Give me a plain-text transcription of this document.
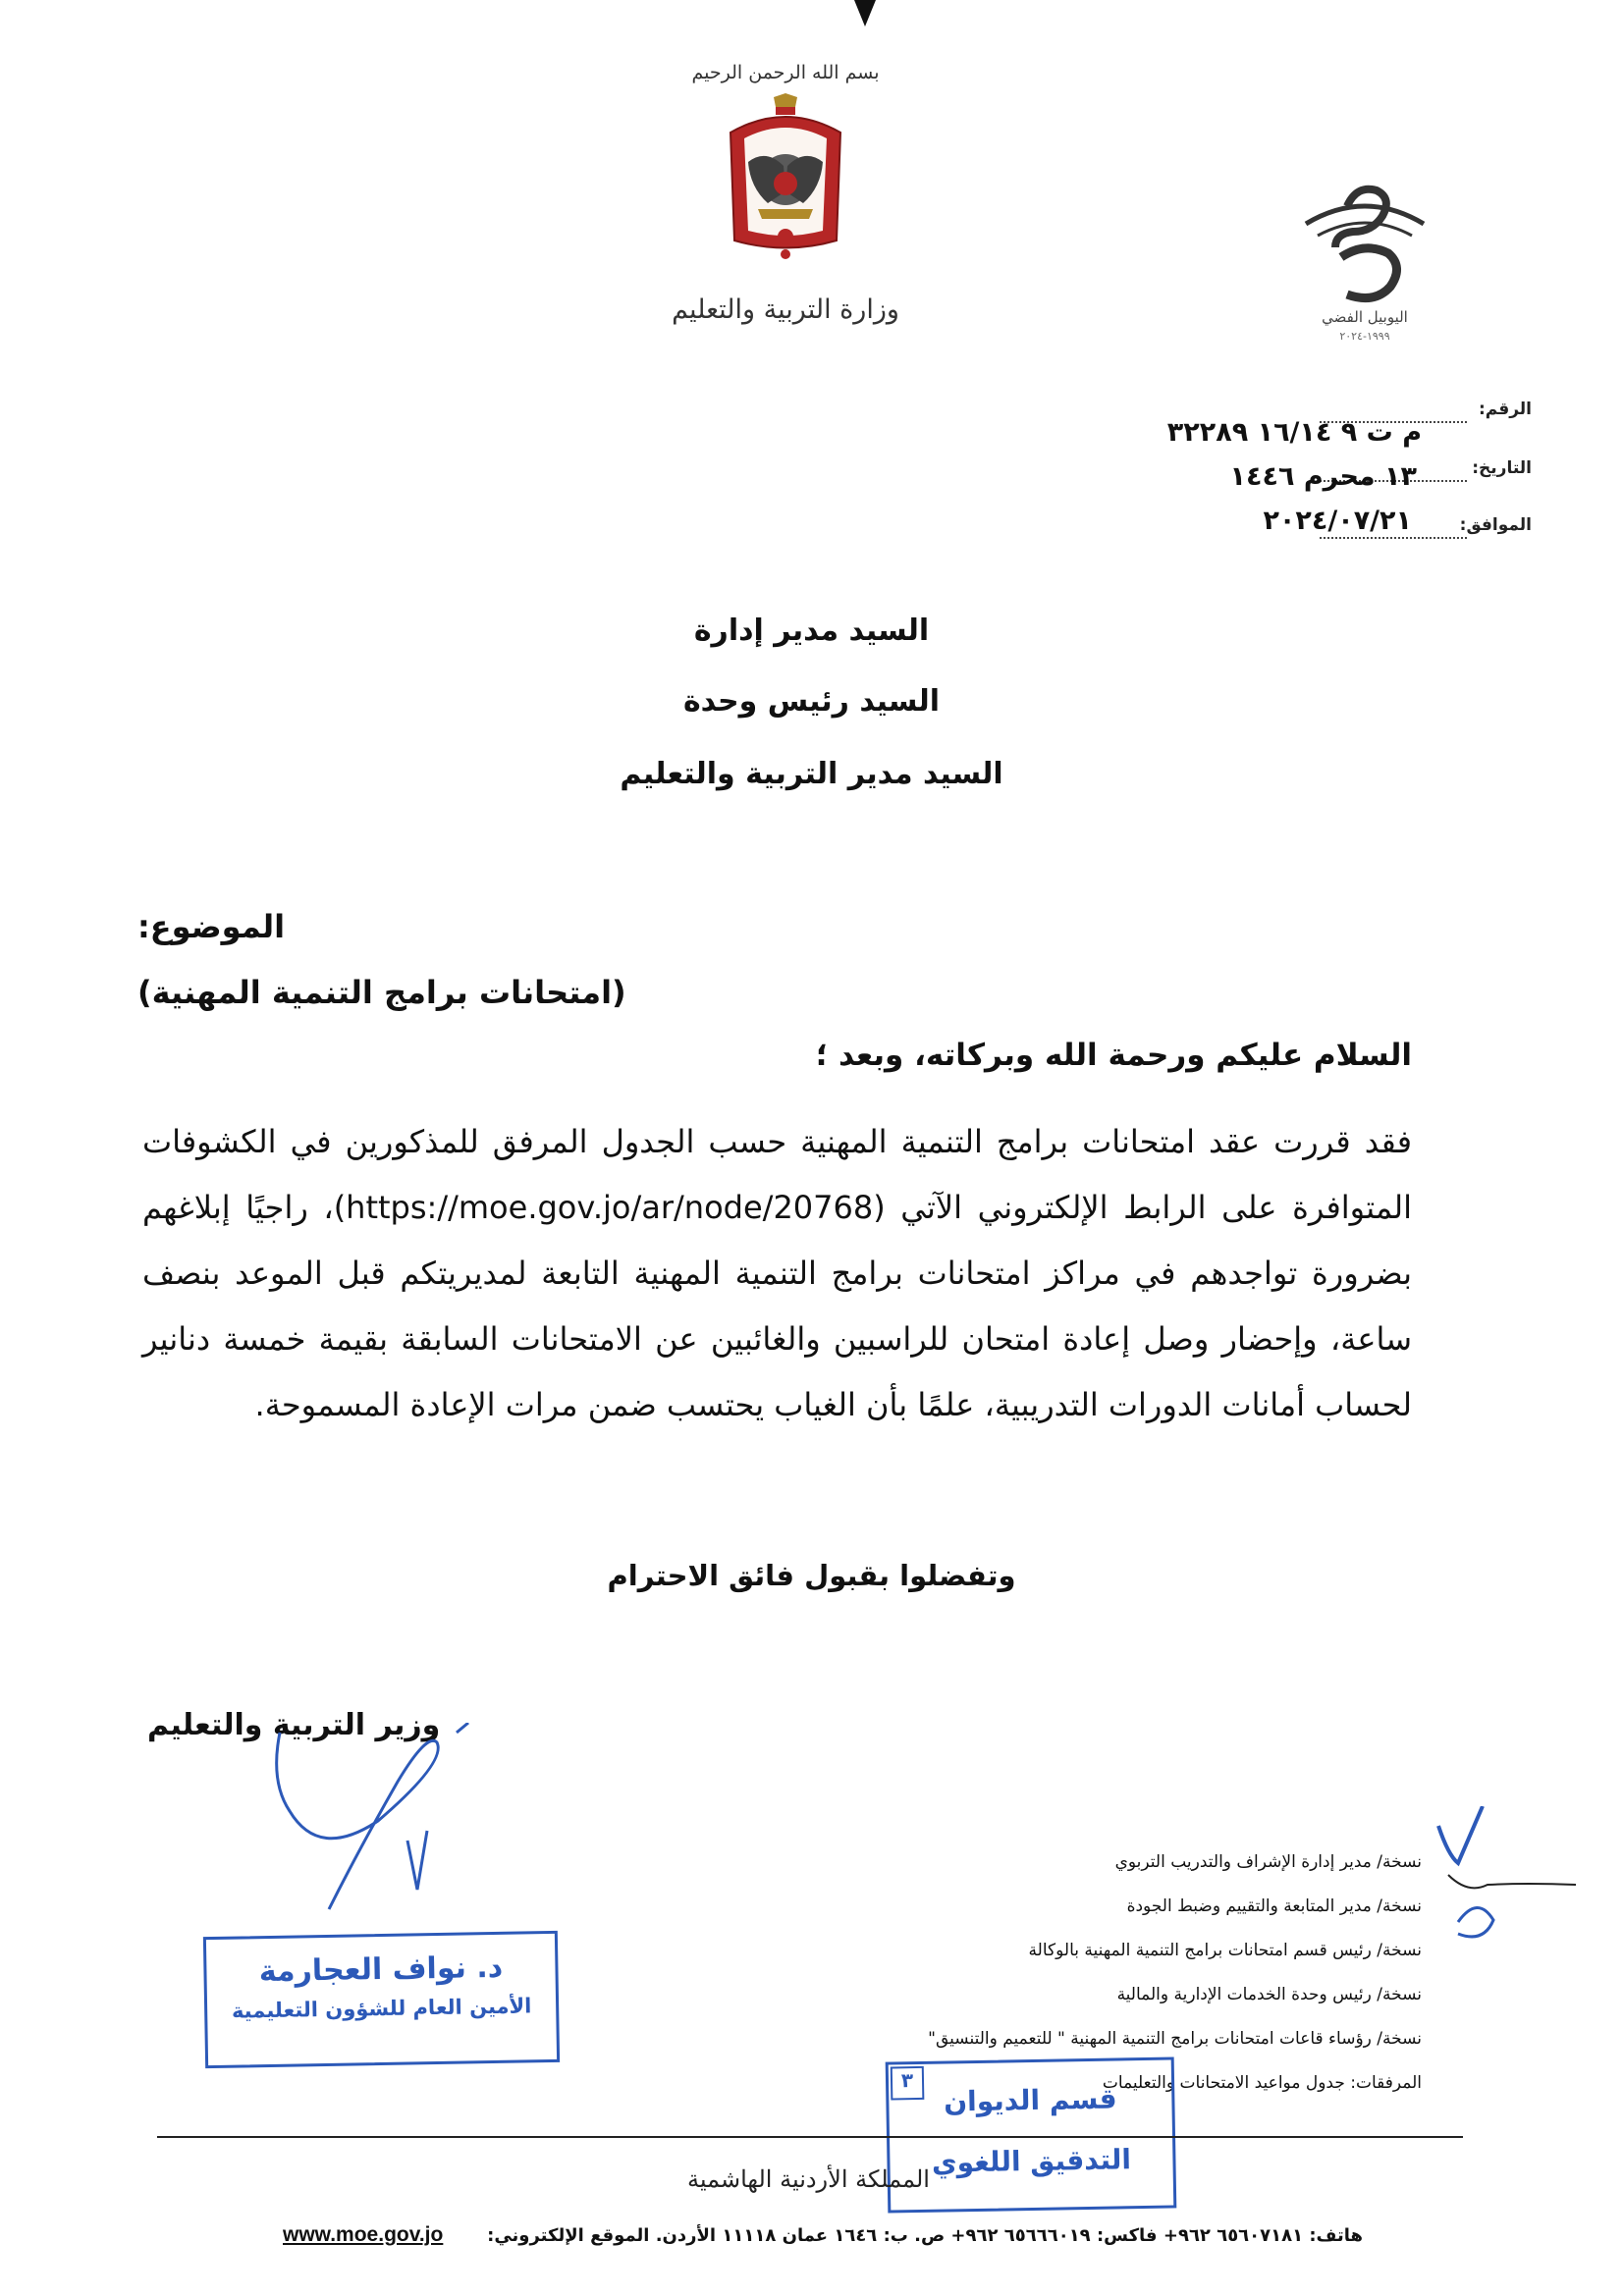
بسم الله الرحمن الرحيم
وزارة التربية والتعليم	اليوبيل الفضي
١٩٩٩-٢٠٢٤
الرقم:
التاريخ:
الموافق:
م ت ٩ ١٦/١٤ ٣٢٢٨٩
١٣ محرم ١٤٤٦
٢٠٢٤/٠٧/٢١
السيد مدير إدارة
السيد رئيس وحدة
السيد مدير التربية والتعليم
الموضوع:
(امتحانات برامج التنمية المهنية)
السلام عليكم ورحمة الله وبركاته، وبعد ؛
فقد قررت عقد امتحانات برامج التنمية المهنية حسب الجدول المرفق للمذكورين في الكشوفات المتوافرة على الرابط الإلكتروني الآتي (https://moe.gov.jo/ar/node/20768)، راجيًا إبلاغهم بضرورة تواجدهم في مراكز امتحانات برامج التنمية المهنية التابعة لمديريتكم قبل الموعد بنصف ساعة، وإحضار وصل إعادة امتحان للراسبين والغائبين عن الامتحانات السابقة بقيمة خمسة دنانير لحساب أمانات الدورات التدريبية، علمًا بأن الغياب يحتسب ضمن مرات الإعادة المسموحة.
وتفضلوا بقبول فائق الاحترام
وزير التربية والتعليم
د. نواف العجارمة
الأمين العام للشؤون التعليمية
نسخة/ مدير إدارة الإشراف والتدريب التربوي
نسخة/ مدير المتابعة والتقييم وضبط الجودة
نسخة/ رئيس قسم امتحانات برامج التنمية المهنية بالوكالة
نسخة/ رئيس وحدة الخدمات الإدارية والمالية
نسخة/ رؤساء قاعات امتحانات برامج التنمية المهنية " للتعميم والتنسيق"
المرفقات: جدول مواعيد الامتحانات والتعليمات
٣
قسم الديوان
التدقيق اللغوي
المملكة الأردنية الهاشمية
هاتف: ٦٥٦٠٧١٨١ ٩٦٢+ فاكس: ٦٥٦٦٦٠١٩ ٩٦٢+ ص. ب: ١٦٤٦ عمان ١١١١٨ الأردن. الموقع الإلكتروني:
www.moe.gov.jo
